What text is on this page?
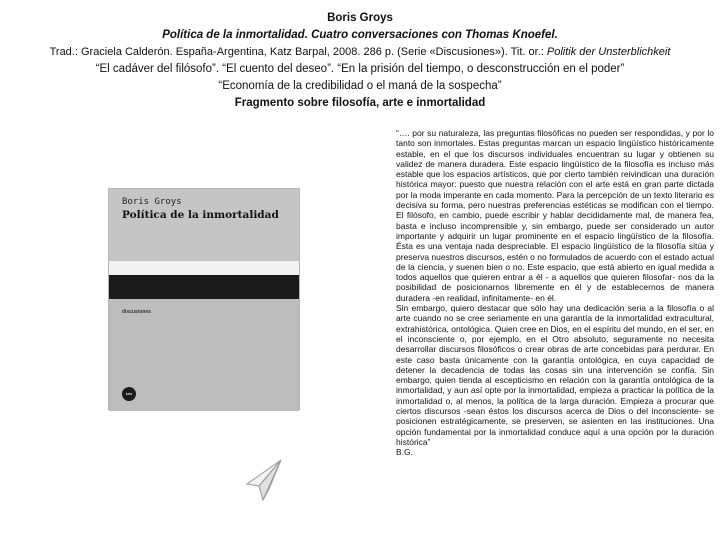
Boris Groys
Política de la inmortalidad. Cuatro conversaciones con Thomas Knoefel.
Trad.: Graciela Calderón. España-Argentina, Katz Barpal, 2008. 286 p. (Serie «Discusiones»). Tit. or.: Politik der Unsterblichkeit
“El cadáver del filósofo”. “El cuento del deseo”. “En la prisión del tiempo, o desconstrucción en el poder”
“Economía de la credibilidad o el maná de la sospecha”
Fragmento sobre filosofía, arte e inmortalidad
Boris Groys
Política de la inmortalidad
discusiones
katz

“…. por su naturaleza, las preguntas filosóficas no pueden ser respondidas, y por lo tanto son inmortales. Estas preguntas marcan un espacio lingüístico históricamente estable, en el que los discursos individuales encuentran su lugar y obtienen su validez de manera duradera. Este espacio lingüístico de la filosofía es incluso más estable que los espacios artísticos, que por cierto también reivindican una duración histórica mayor: puesto que nuestra relación con el arte está en gran parte dictada por la moda imperante en cada momento. Para la percepción de un texto literario es decisiva su forma, pero nuestras preferencias estéticas se modifican con el tiempo. El filósofo, en cambio, puede escribir y hablar decididamente mal, de manera fea, basta e incluso incomprensible y, sin embargo, puede ser considerado un autor importante y adquirir un lugar prominente en el espacio lingüístico de la filosofía. Ésta es una ventaja nada despreciable. El espacio lingüístico de la filosofía sitúa y preserva nuestros discursos, estén o no formulados de acuerdo con el estado actual de la ciencia, y suenen bien o no. Este espacio, que está abierto en igual medida a todos aquellos que quieren entrar a él - a aquellos que quieren filosofar- nos da la posibilidad de posicionarnos libremente en él y de establecernos de manera duradera -en realidad, infinitamente- en él.

Sin embargo, quiero destacar que sólo hay una dedicación seria a la filosofía o al arte cuando no se cree seriamente en una garantía de la inmortalidad extracultural, extrahistórica, ontológica. Quien cree en Dios, en el espíritu del mundo, en el ser, en el inconsciente o, por ejemplo, en el Otro absoluto, seguramente no necesita desarrollar discursos filosóficos o crear obras de arte concebidas para perdurar. En este caso basta únicamente con la garantía ontológica, en cuya capacidad de detener la decadencia de todas las cosas sin una intervención se confía. Sin embargo, quien tienda al escepticismo en relación con la garantía ontológica de la inmortalidad, y aun así opte por la inmortalidad, empieza a practicar la política de la inmortalidad o, al menos, la política de la larga duración. Empieza a procurar que ciertos discursos -sean éstos los discursos acerca de Dios o del inconsciente- se posicionen estratégicamente, se preserven, se asienten en las instituciones. Una opción fundamental por la inmortalidad conduce aquí a una opción por la duración histórica”

B.G.
